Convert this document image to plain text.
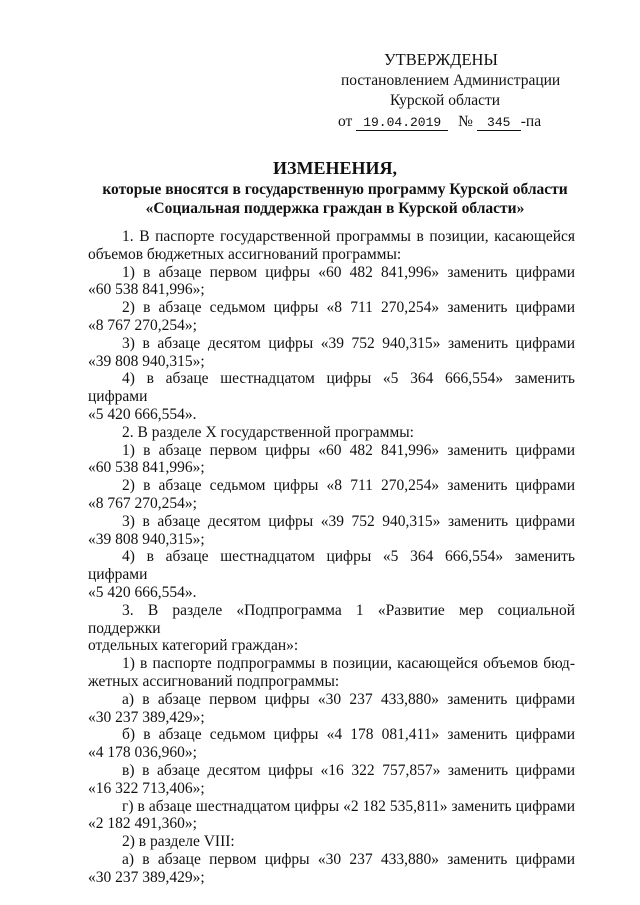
УТВЕРЖДЕНЫ
постановлением Администрации
Курской области
от 19.04.2019 № 345 -па
ИЗМЕНЕНИЯ,
которые вносятся в государственную программу Курской области
«Социальная поддержка граждан в Курской области»
1. В паспорте государственной программы в позиции, касающейся
объемов бюджетных ассигнований программы:
1) в абзаце первом цифры «60 482 841,996» заменить цифрами
«60 538 841,996»;
2) в абзаце седьмом цифры «8 711 270,254» заменить цифрами
«8 767 270,254»;
3) в абзаце десятом цифры «39 752 940,315» заменить цифрами
«39 808 940,315»;
4) в абзаце шестнадцатом цифры «5 364 666,554» заменить цифрами
«5 420 666,554».
2. В разделе Х государственной программы:
1) в абзаце первом цифры «60 482 841,996» заменить цифрами
«60 538 841,996»;
2) в абзаце седьмом цифры «8 711 270,254» заменить цифрами
«8 767 270,254»;
3) в абзаце десятом цифры «39 752 940,315» заменить цифрами
«39 808 940,315»;
4) в абзаце шестнадцатом цифры «5 364 666,554» заменить цифрами
«5 420 666,554».
3. В разделе «Подпрограмма 1 «Развитие мер социальной поддержки
отдельных категорий граждан»:
1) в паспорте подпрограммы в позиции, касающейся объемов бюд-
жетных ассигнований подпрограммы:
а) в абзаце первом цифры «30 237 433,880» заменить цифрами
«30 237 389,429»;
б) в абзаце седьмом цифры «4 178 081,411» заменить цифрами
«4 178 036,960»;
в) в абзаце десятом цифры «16 322 757,857» заменить цифрами
«16 322 713,406»;
г) в абзаце шестнадцатом цифры «2 182 535,811» заменить цифрами
«2 182 491,360»;
2) в разделе VIII:
а) в абзаце первом цифры «30 237 433,880» заменить цифрами
«30 237 389,429»;
